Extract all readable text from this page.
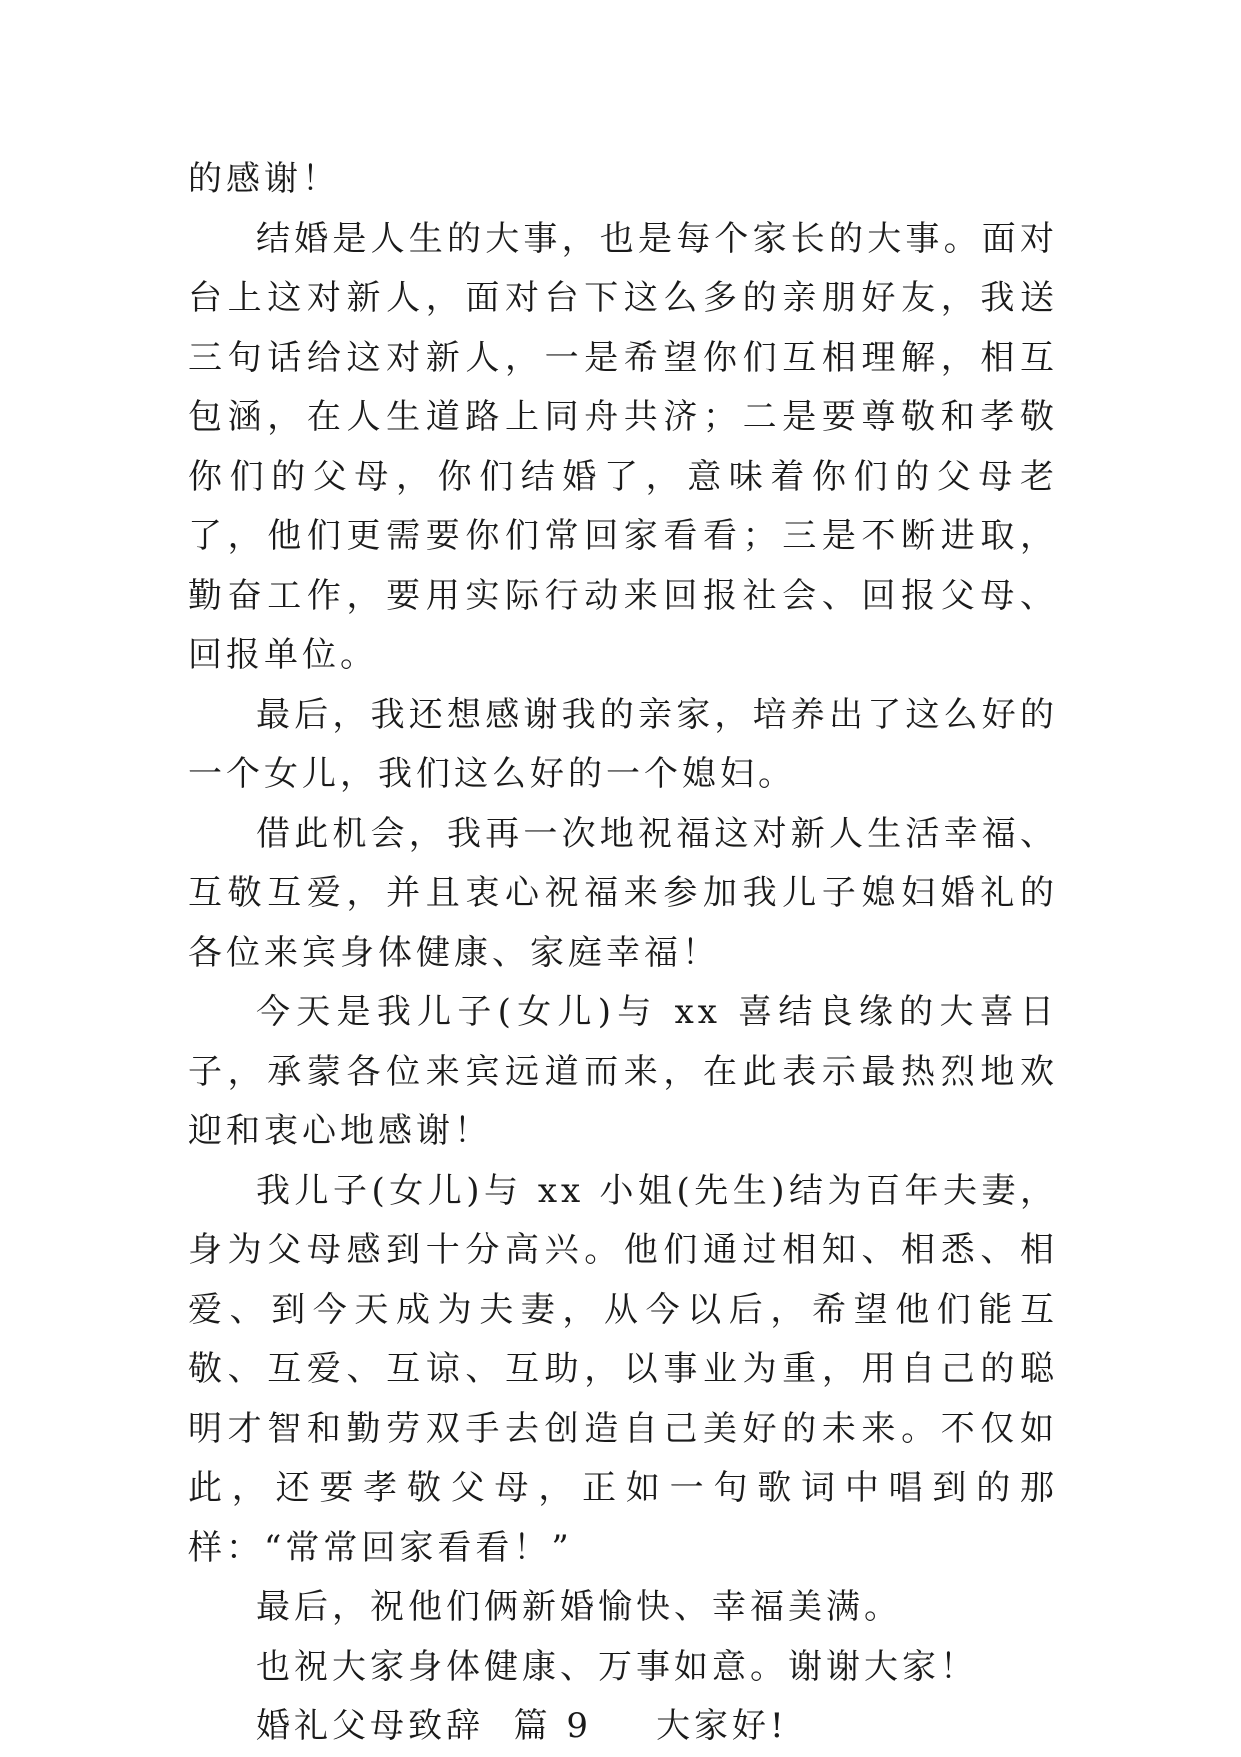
的感谢！

结婚是人生的大事，也是每个家长的大事。面对台上这对新人，面对台下这么多的亲朋好友，我送三句话给这对新人，一是希望你们互相理解，相互包涵，在人生道路上同舟共济；二是要尊敬和孝敬你们的父母，你们结婚了，意味着你们的父母老了，他们更需要你们常回家看看；三是不断进取，勤奋工作，要用实际行动来回报社会、回报父母、回报单位。

最后，我还想感谢我的亲家，培养出了这么好的一个女儿，我们这么好的一个媳妇。

借此机会，我再一次地祝福这对新人生活幸福、互敬互爱，并且衷心祝福来参加我儿子媳妇婚礼的各位来宾身体健康、家庭幸福！

今天是我儿子(女儿)与 xx 喜结良缘的大喜日子，承蒙各位来宾远道而来，在此表示最热烈地欢迎和衷心地感谢！

我儿子(女儿)与 xx 小姐(先生)结为百年夫妻，身为父母感到十分高兴。他们通过相知、相悉、相爱、到今天成为夫妻，从今以后，希望他们能互敬、互爱、互谅、互助，以事业为重，用自己的聪明才智和勤劳双手去创造自己美好的未来。不仅如此，还要孝敬父母，正如一句歌词中唱到的那样：“常常回家看看！”

最后，祝他们俩新婚愉快、幸福美满。

也祝大家身体健康、万事如意。谢谢大家！

婚礼父母致辞  篇 9 大家好!
